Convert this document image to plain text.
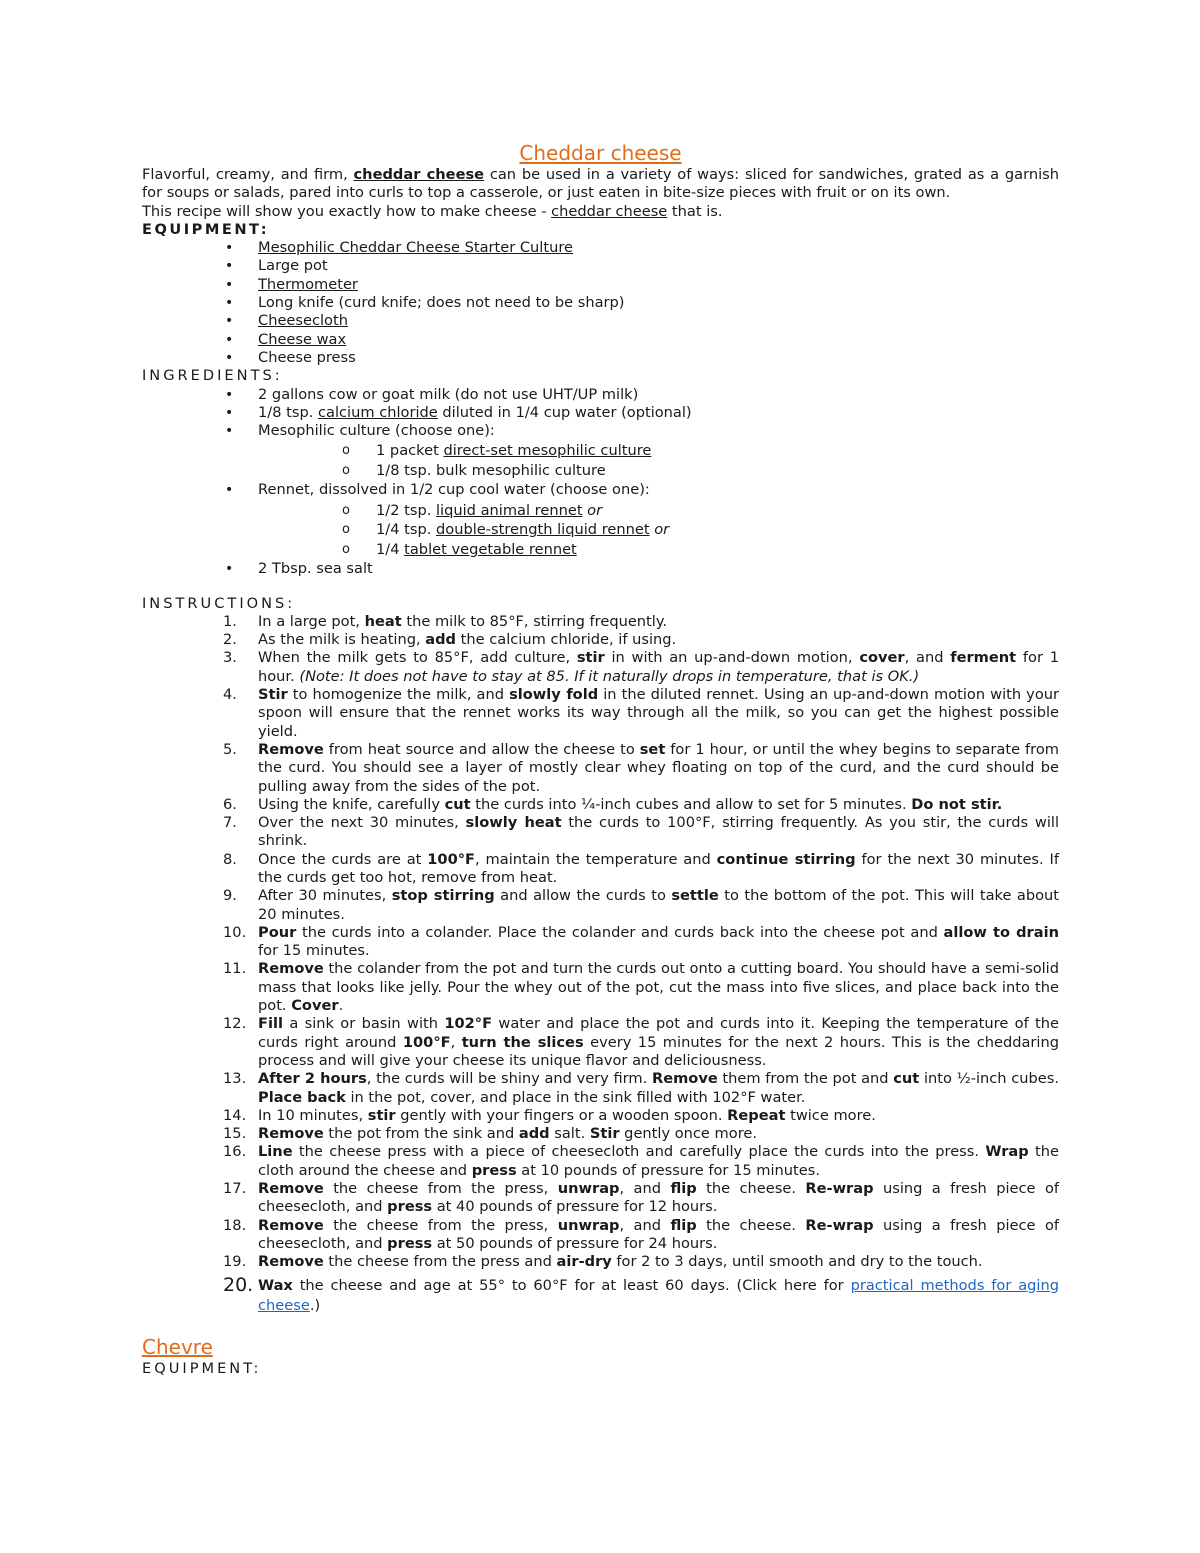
Cheddar cheese

Flavorful, creamy, and firm, cheddar cheese can be used in a variety of ways: sliced for sandwiches, grated as a garnish for soups or salads, pared into curls to top a casserole, or just eaten in bite-size pieces with fruit or on its own.

This recipe will show you exactly how to make cheese - cheddar cheese that is.

EQUIPMENT:
• Mesophilic Cheddar Cheese Starter Culture
• Large pot
• Thermometer
• Long knife (curd knife; does not need to be sharp)
• Cheesecloth
• Cheese wax
• Cheese press
INGREDIENTS:
• 2 gallons cow or goat milk (do not use UHT/UP milk)
• 1/8 tsp. calcium chloride diluted in 1/4 cup water (optional)
• Mesophilic culture (choose one):
o 1 packet direct-set mesophilic culture
o 1/8 tsp. bulk mesophilic culture
• Rennet, dissolved in 1/2 cup cool water (choose one):
o 1/2 tsp. liquid animal rennet or
o 1/4 tsp. double-strength liquid rennet or
o 1/4 tablet vegetable rennet
• 2 Tbsp. sea salt
INSTRUCTIONS:
1.	In a large pot, heat the milk to 85°F, stirring frequently.
2.	As the milk is heating, add the calcium chloride, if using.
3.	When the milk gets to 85°F, add culture, stir in with an up-and-down motion, cover, and ferment for 1 hour. (Note: It does not have to stay at 85. If it naturally drops in temperature, that is OK.)
4.	Stir to homogenize the milk, and slowly fold in the diluted rennet. Using an up-and-down motion with your spoon will ensure that the rennet works its way through all the milk, so you can get the highest possible yield.
5.	Remove from heat source and allow the cheese to set for 1 hour, or until the whey begins to separate from the curd. You should see a layer of mostly clear whey floating on top of the curd, and the curd should be pulling away from the sides of the pot.
6.	Using the knife, carefully cut the curds into ¼-inch cubes and allow to set for 5 minutes. Do not stir.
7.	Over the next 30 minutes, slowly heat the curds to 100°F, stirring frequently. As you stir, the curds will shrink.
8.	Once the curds are at 100°F, maintain the temperature and continue stirring for the next 30 minutes. If the curds get too hot, remove from heat.
9.	After 30 minutes, stop stirring and allow the curds to settle to the bottom of the pot. This will take about 20 minutes.
10. Pour the curds into a colander. Place the colander and curds back into the cheese pot and allow to drain for 15 minutes.
11. Remove the colander from the pot and turn the curds out onto a cutting board. You should have a semi-solid mass that looks like jelly. Pour the whey out of the pot, cut the mass into five slices, and place back into the pot. Cover.
12. Fill a sink or basin with 102°F water and place the pot and curds into it. Keeping the temperature of the curds right around 100°F, turn the slices every 15 minutes for the next 2 hours. This is the cheddaring process and will give your cheese its unique flavor and deliciousness.
13. After 2 hours, the curds will be shiny and very firm. Remove them from the pot and cut into ½-inch cubes. Place back in the pot, cover, and place in the sink filled with 102°F water.
14. In 10 minutes, stir gently with your fingers or a wooden spoon. Repeat twice more.
15. Remove the pot from the sink and add salt. Stir gently once more.
16. Line the cheese press with a piece of cheesecloth and carefully place the curds into the press. Wrap the cloth around the cheese and press at 10 pounds of pressure for 15 minutes.
17. Remove the cheese from the press, unwrap, and flip the cheese. Re-wrap using a fresh piece of cheesecloth, and press at 40 pounds of pressure for 12 hours.
18. Remove the cheese from the press, unwrap, and flip the cheese. Re-wrap using a fresh piece of cheesecloth, and press at 50 pounds of pressure for 24 hours.
19. Remove the cheese from the press and air-dry for 2 to 3 days, until smooth and dry to the touch.
20. Wax the cheese and age at 55° to 60°F for at least 60 days. (Click here for practical methods for aging cheese.)
Chevre
EQUIPMENT:
